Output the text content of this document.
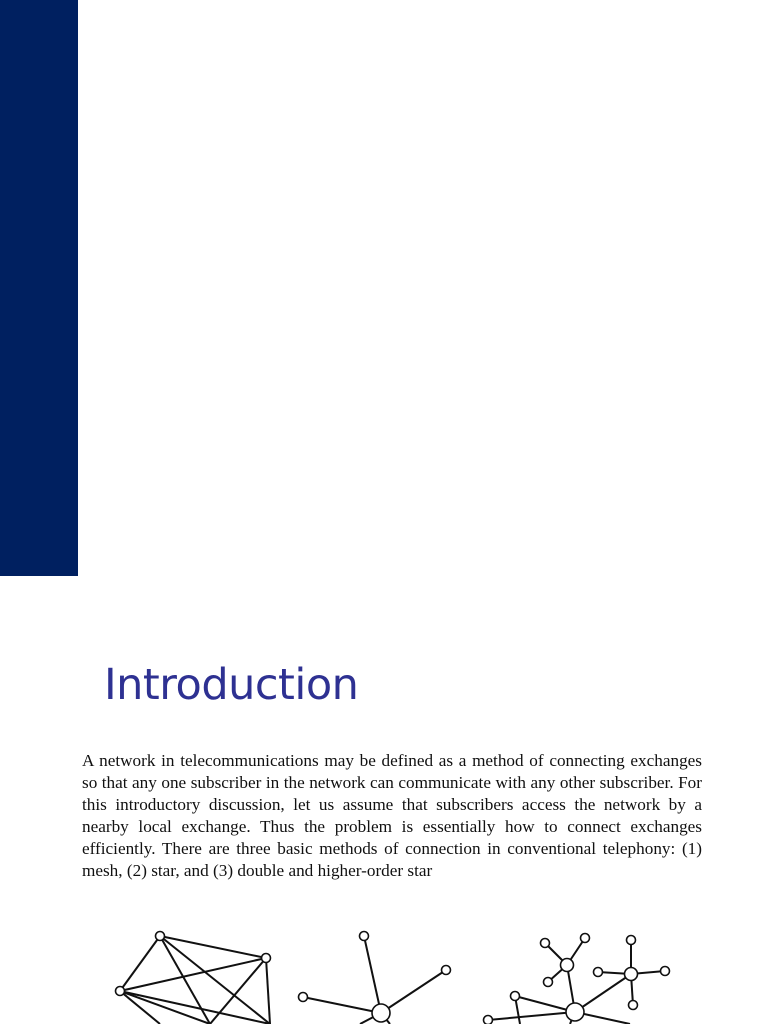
Introduction

A network in telecommunications may be defined as a method of connecting exchanges so that any one subscriber in the network can communicate with any other subscriber. For this introductory discussion, let us assume that subscribers access the network by a nearby local exchange. Thus the problem is essentially how to connect exchanges efficiently. There are three basic methods of connection in conventional telephony: (1) mesh, (2) star, and (3) double and higher-order star
